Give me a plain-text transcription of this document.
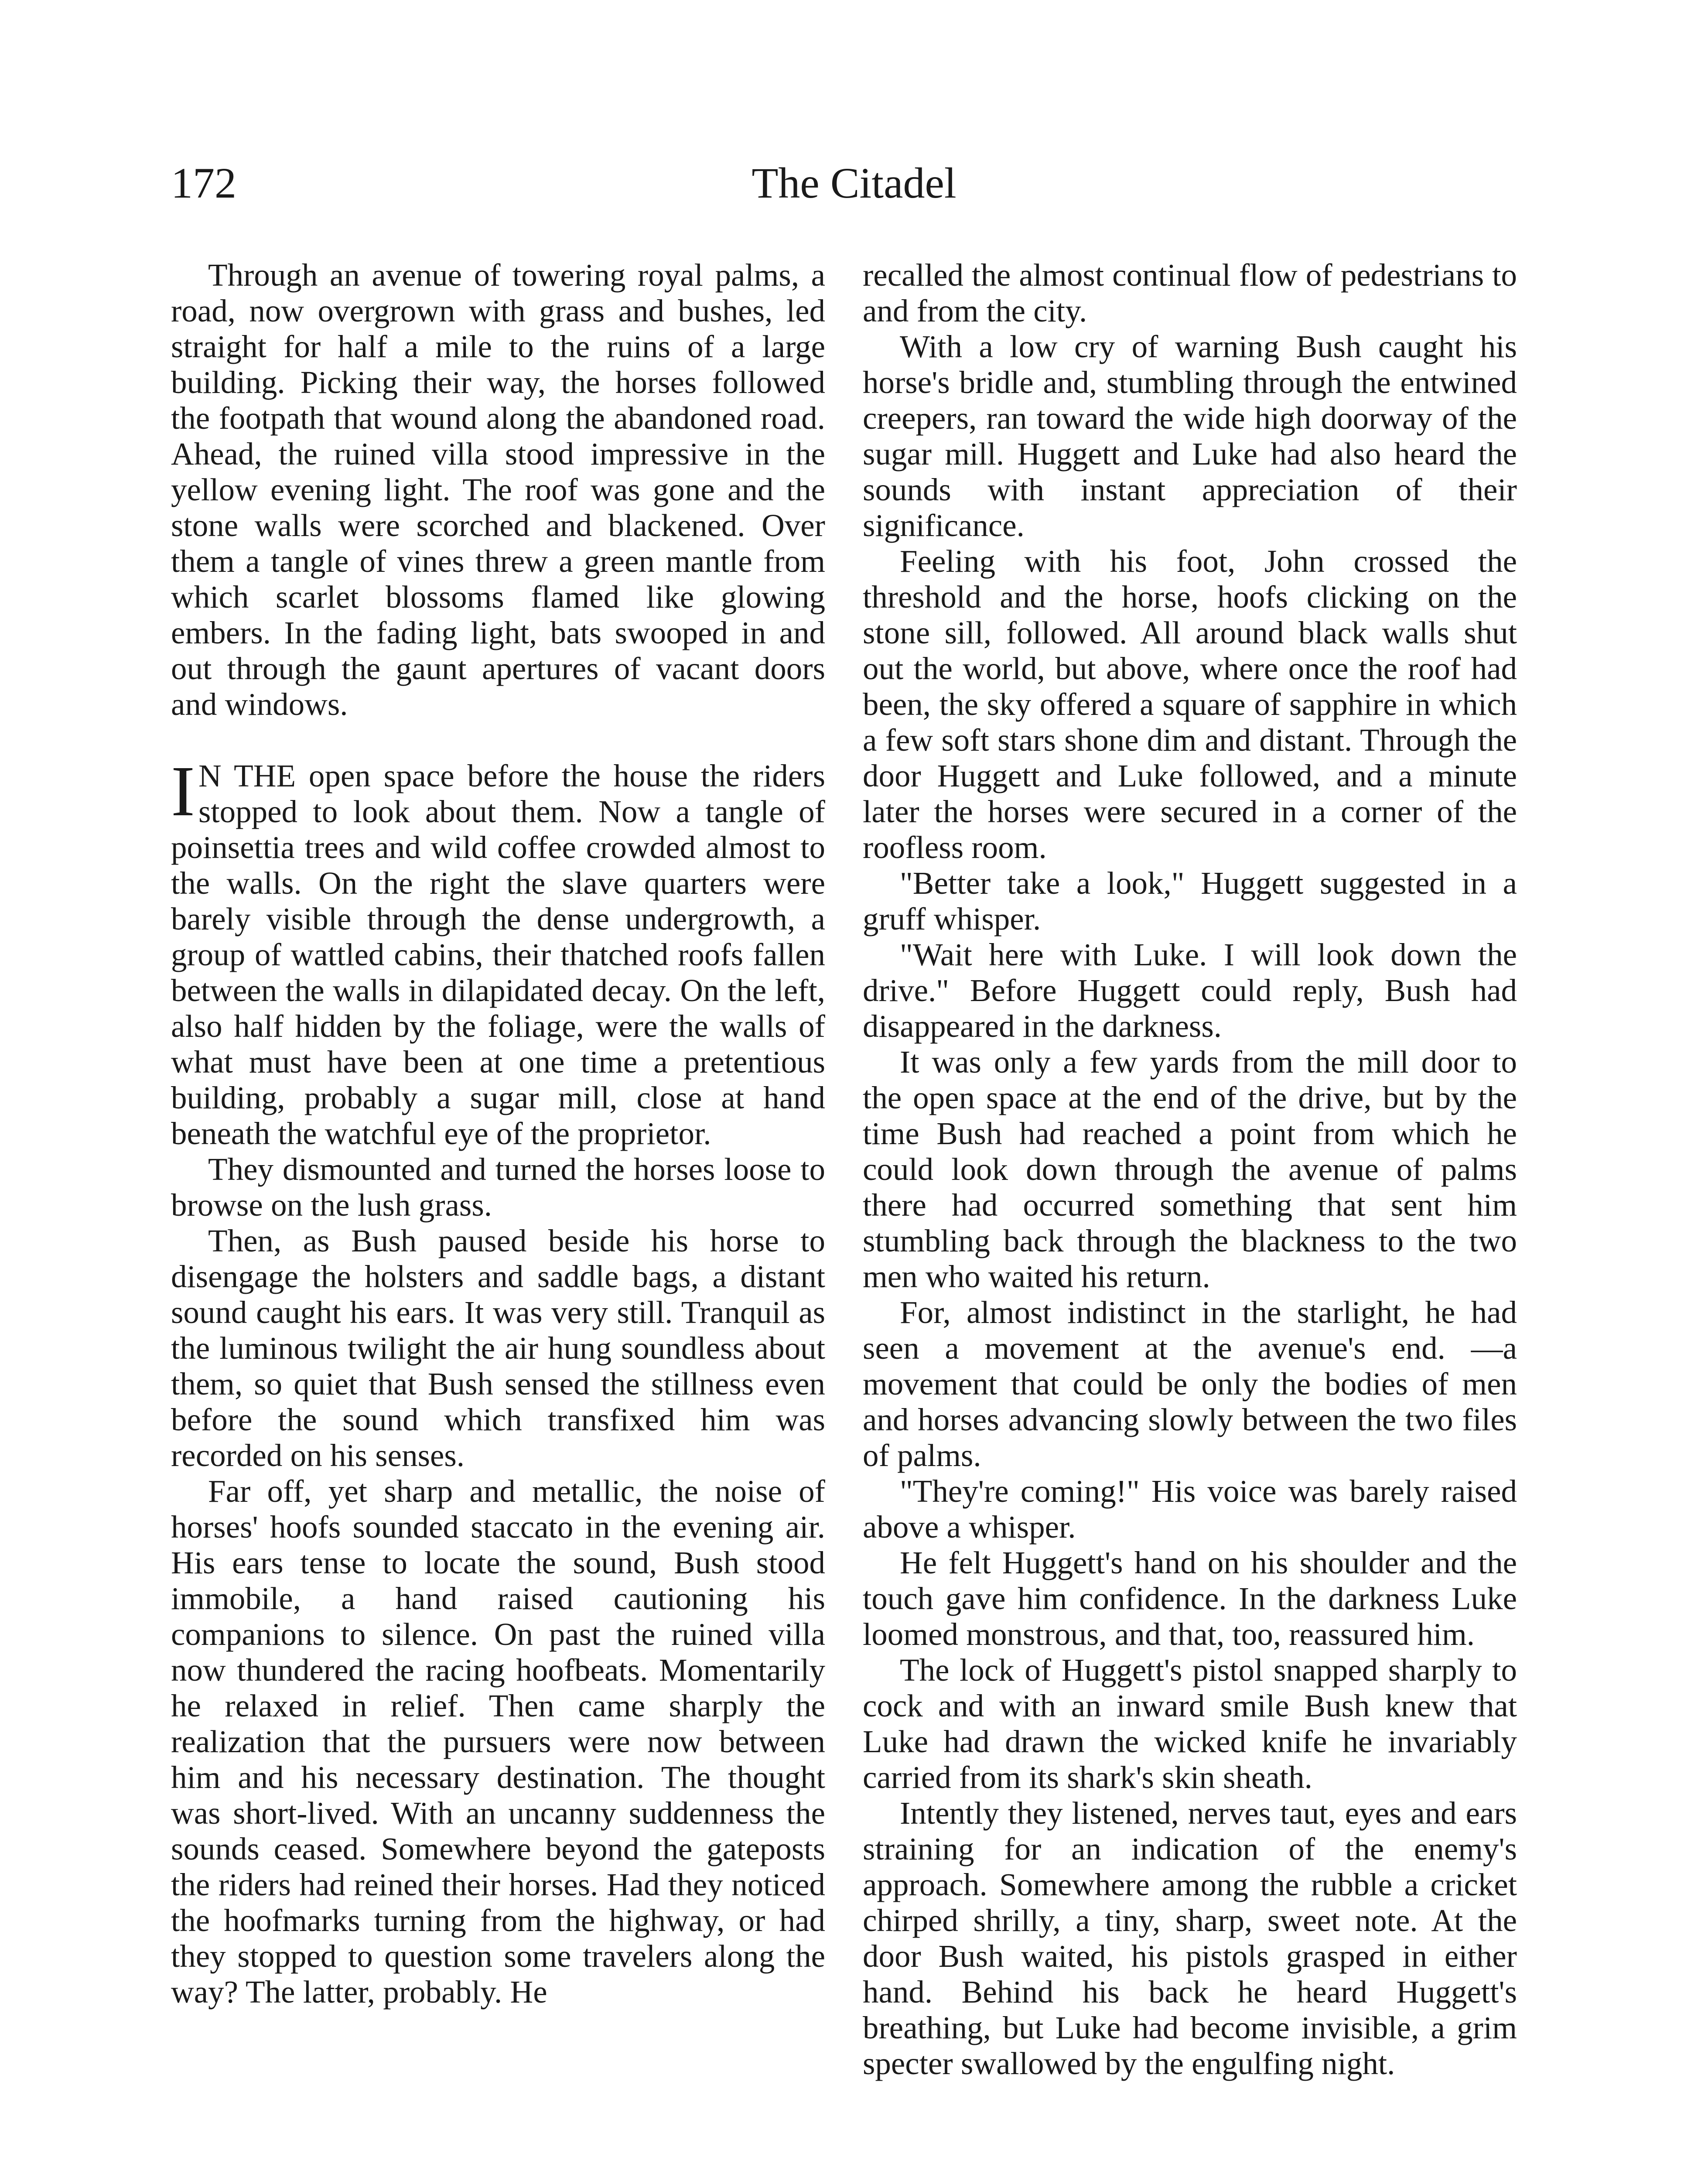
172	The Citadel

Through an avenue of towering royal palms, a road, now overgrown with grass and bushes, led straight for half a mile to the ruins of a large building. Picking their way, the horses followed the footpath that wound along the abandoned road. Ahead, the ruined villa stood impressive in the yellow evening light. The roof was gone and the stone walls were scorched and blackened. Over them a tangle of vines threw a green mantle from which scarlet blossoms flamed like glowing embers. In the fading light, bats swooped in and out through the gaunt apertures of vacant doors and windows.

I N THE open space before the house the riders stopped to look about them. Now a tangle of poinsettia trees and wild coffee crowded almost to the walls. On the right the slave quarters were barely visible through the dense undergrowth, a group of wattled cabins, their thatched roofs fallen between the walls in dilapidated decay. On the left, also half hidden by the foliage, were the walls of what must have been at one time a pretentious building, probably a sugar mill, close at hand beneath the watchful eye of the proprietor.

They dismounted and turned the horses loose to browse on the lush grass.

Then, as Bush paused beside his horse to disengage the holsters and saddle bags, a distant sound caught his ears. It was very still. Tranquil as the luminous twilight the air hung soundless about them, so quiet that Bush sensed the stillness even before the sound which transfixed him was recorded on his senses.

Far off, yet sharp and metallic, the noise of horses' hoofs sounded staccato in the evening air. His ears tense to locate the sound, Bush stood immobile, a hand raised cautioning his companions to silence. On past the ruined villa now thundered the racing hoofbeats. Momentarily he relaxed in relief. Then came sharply the realization that the pursuers were now between him and his necessary destination. The thought was short-lived. With an uncanny suddenness the sounds ceased. Somewhere beyond the gateposts the riders had reined their horses. Had they noticed the hoofmarks turning from the highway, or had they stopped to question some travelers along the way? The latter, probably. He

recalled the almost continual flow of pedestrians to and from the city.

With a low cry of warning Bush caught his horse's bridle and, stumbling through the entwined creepers, ran toward the wide high doorway of the sugar mill. Huggett and Luke had also heard the sounds with instant appreciation of their significance.

Feeling with his foot, John crossed the threshold and the horse, hoofs clicking on the stone sill, followed. All around black walls shut out the world, but above, where once the roof had been, the sky offered a square of sapphire in which a few soft stars shone dim and distant. Through the door Huggett and Luke followed, and a minute later the horses were secured in a corner of the roofless room.

"Better take a look," Huggett suggested in a gruff whisper.

"Wait here with Luke. I will look down the drive." Before Huggett could reply, Bush had disappeared in the darkness.

It was only a few yards from the mill door to the open space at the end of the drive, but by the time Bush had reached a point from which he could look down through the avenue of palms there had occurred something that sent him stumbling back through the blackness to the two men who waited his return.

For, almost indistinct in the starlight, he had seen a movement at the avenue's end. —a movement that could be only the bodies of men and horses advancing slowly between the two files of palms.

"They're coming!" His voice was barely raised above a whisper.

He felt Huggett's hand on his shoulder and the touch gave him confidence. In the darkness Luke loomed monstrous, and that, too, reassured him.

The lock of Huggett's pistol snapped sharply to cock and with an inward smile Bush knew that Luke had drawn the wicked knife he invariably carried from its shark's skin sheath.

Intently they listened, nerves taut, eyes and ears straining for an indication of the enemy's approach. Somewhere among the rubble a cricket chirped shrilly, a tiny, sharp, sweet note. At the door Bush waited, his pistols grasped in either hand. Behind his back he heard Huggett's breathing, but Luke had become invisible, a grim specter swallowed by the engulfing night.
